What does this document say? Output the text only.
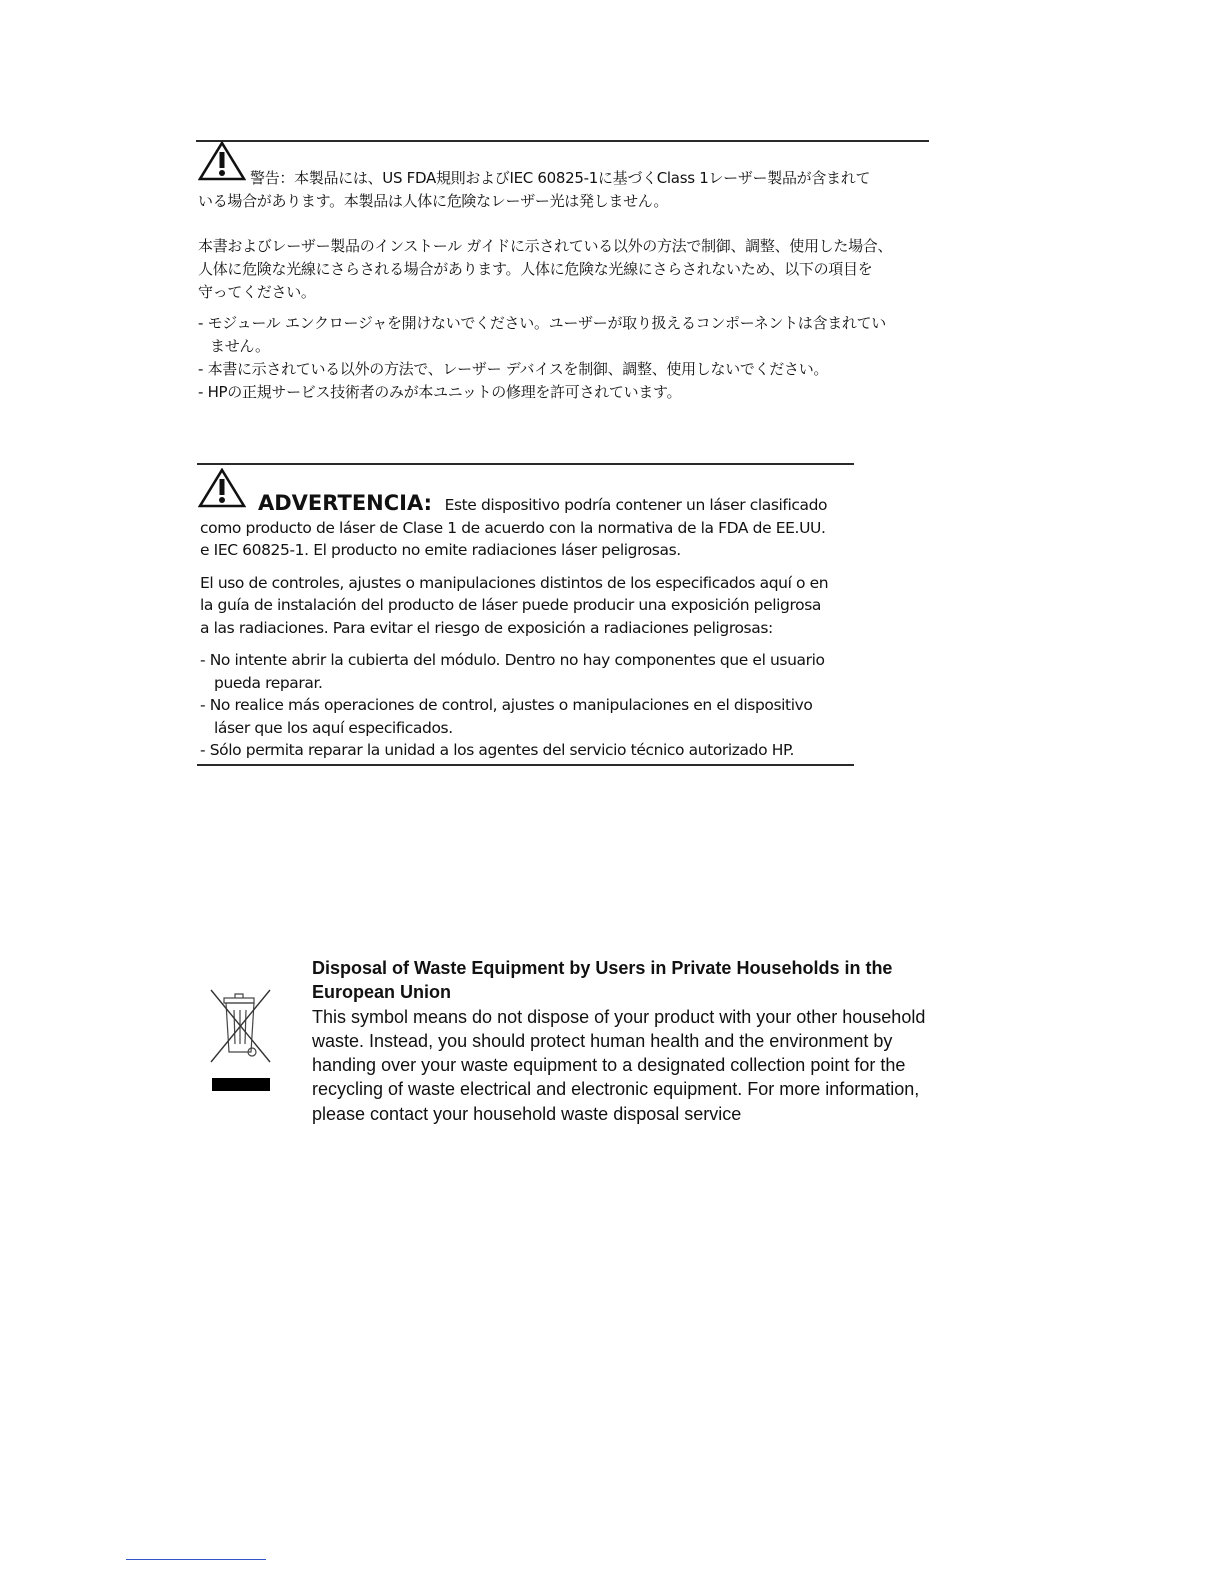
警告：本製品には、US FDA規則およびIEC 60825-1に基づくClass 1レーザー製品が含まれて

いる場合があります。本製品は人体に危険なレーザー光は発しません。

本書およびレーザー製品のインストール ガイドに示されている以外の方法で制御、調整、使用した場合、

人体に危険な光線にさらされる場合があります。人体に危険な光線にさらされないため、以下の項目を

守ってください。

- モジュール エンクロージャを開けないでください。ユーザーが取り扱えるコンポーネントは含まれてい

ません。

- 本書に示されている以外の方法で、レーザー デバイスを制御、調整、使用しないでください。

- HPの正規サービス技術者のみが本ユニットの修理を許可されています。

ADVERTENCIA: Este dispositivo podría contener un láser clasificado

como producto de láser de Clase 1 de acuerdo con la normativa de la FDA de EE.UU.

e IEC 60825-1. El producto no emite radiaciones láser peligrosas.

El uso de controles, ajustes o manipulaciones distintos de los especificados aquí o en

la guía de instalación del producto de láser puede producir una exposición peligrosa

a las radiaciones. Para evitar el riesgo de exposición a radiaciones peligrosas:

- No intente abrir la cubierta del módulo. Dentro no hay componentes que el usuario

pueda reparar.

- No realice más operaciones de control, ajustes o manipulaciones en el dispositivo

láser que los aquí especificados.

- Sólo permita reparar la unidad a los agentes del servicio técnico autorizado HP.

Disposal of Waste Equipment by Users in Private Households in the

European Union

This symbol means do not dispose of your product with your other household

waste. Instead, you should protect human health and the environment by

handing over your waste equipment to a designated collection point for the

recycling of waste electrical and electronic equipment. For more information,

please contact your household waste disposal service
